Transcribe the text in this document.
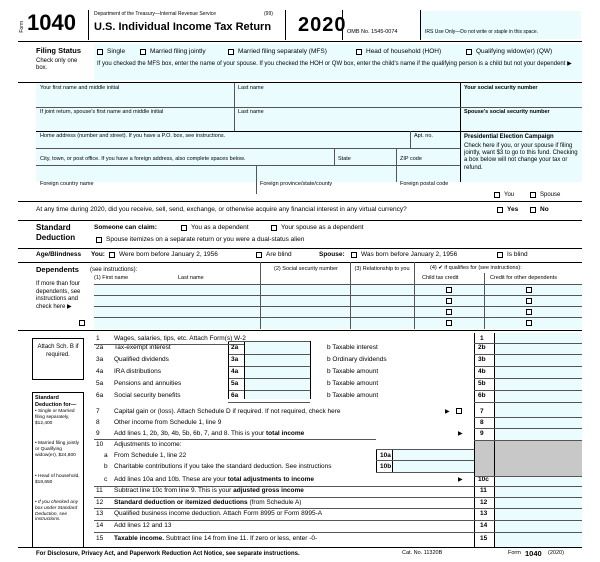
Form 1040	Department of the Treasury—Internal Revenue Service	(99)
U.S. Individual Income Tax Return 2020 OMB No. 1545-0074	IRS Use Only—Do not write or staple in this space.
Filing Status
Check only one box.
Single	Married filing jointly	Married filing separately (MFS)	Head of household (HOH)	Qualifying widow(er) (QW)
If you checked the MFS box, enter the name of your spouse. If you checked the HOH or QW box, enter the child's name if the qualifying person is a child but not your dependent ▶
Your first name and middle initial	Last name	Your social security number
If joint return, spouse's first name and middle initial	Last name	Spouse's social security number
Home address (number and street). If you have a P.O. box, see instructions.	Apt. no.
City, town, or post office. If you have a foreign address, also complete spaces below.	State	ZIP code
Foreign country name	Foreign province/state/county	Foreign postal code
Presidential Election Campaign
Check here if you, or your spouse if filing jointly, want $3 to go to this fund. Checking a box below will not change your tax or refund.
You	Spouse
At any time during 2020, did you receive, sell, send, exchange, or otherwise acquire any financial interest in any virtual currency?	Yes	No
Standard
Deduction
Someone can claim:	You as a dependent	Your spouse as a dependent
Spouse itemizes on a separate return or you were a dual-status alien
Age/Blindness You: Were born before January 2, 1956	Are blind	Spouse:	Was born before January 2, 1956	Is blind
Dependents (see instructions):
(1) First name	Last name
(2) Social security number	(3) Relationship to you	(4) ✔ if qualifies for (see instructions):
Child tax credit	Credit for other dependents
If more than four dependents, see instructions and check here ▶
Attach Sch. B if required.
Standard Deduction for—
• Single or Married filing separately, $12,400
• Married filing jointly or Qualifying widow(er), $24,800
• Head of household, $18,650
• If you checked any box under Standard Deduction, see instructions.
1 Wages, salaries, tips, etc. Attach Form(s) W-2	1
2a Tax-exempt interest	2a	b Taxable interest	2b
3a Qualified dividends	3a	b Ordinary dividends	3b
4a IRA distributions	4a	b Taxable amount	4b
5a Pensions and annuities	5a	b Taxable amount	5b
6a Social security benefits	6a	b Taxable amount	6b
7 Capital gain or (loss). Attach Schedule D if required. If not required, check here	▶	7
8 Other income from Schedule 1, line 9	8
9 Add lines 1, 2b, 3b, 4b, 5b, 6b, 7, and 8. This is your total income	▶	9
10 Adjustments to income:
a From Schedule 1, line 22	10a
b Charitable contributions if you take the standard deduction. See instructions	10b
c Add lines 10a and 10b. These are your total adjustments to income	▶ 10c
11 Subtract line 10c from line 9. This is your adjusted gross income	11
12 Standard deduction or itemized deductions (from Schedule A)	12
13 Qualified business income deduction. Attach Form 8995 or Form 8995-A	13
14 Add lines 12 and 13	14
15 Taxable income. Subtract line 14 from line 11. If zero or less, enter -0-	15
For Disclosure, Privacy Act, and Paperwork Reduction Act Notice, see separate instructions.	Cat. No. 11320B	Form 1040 (2020)
